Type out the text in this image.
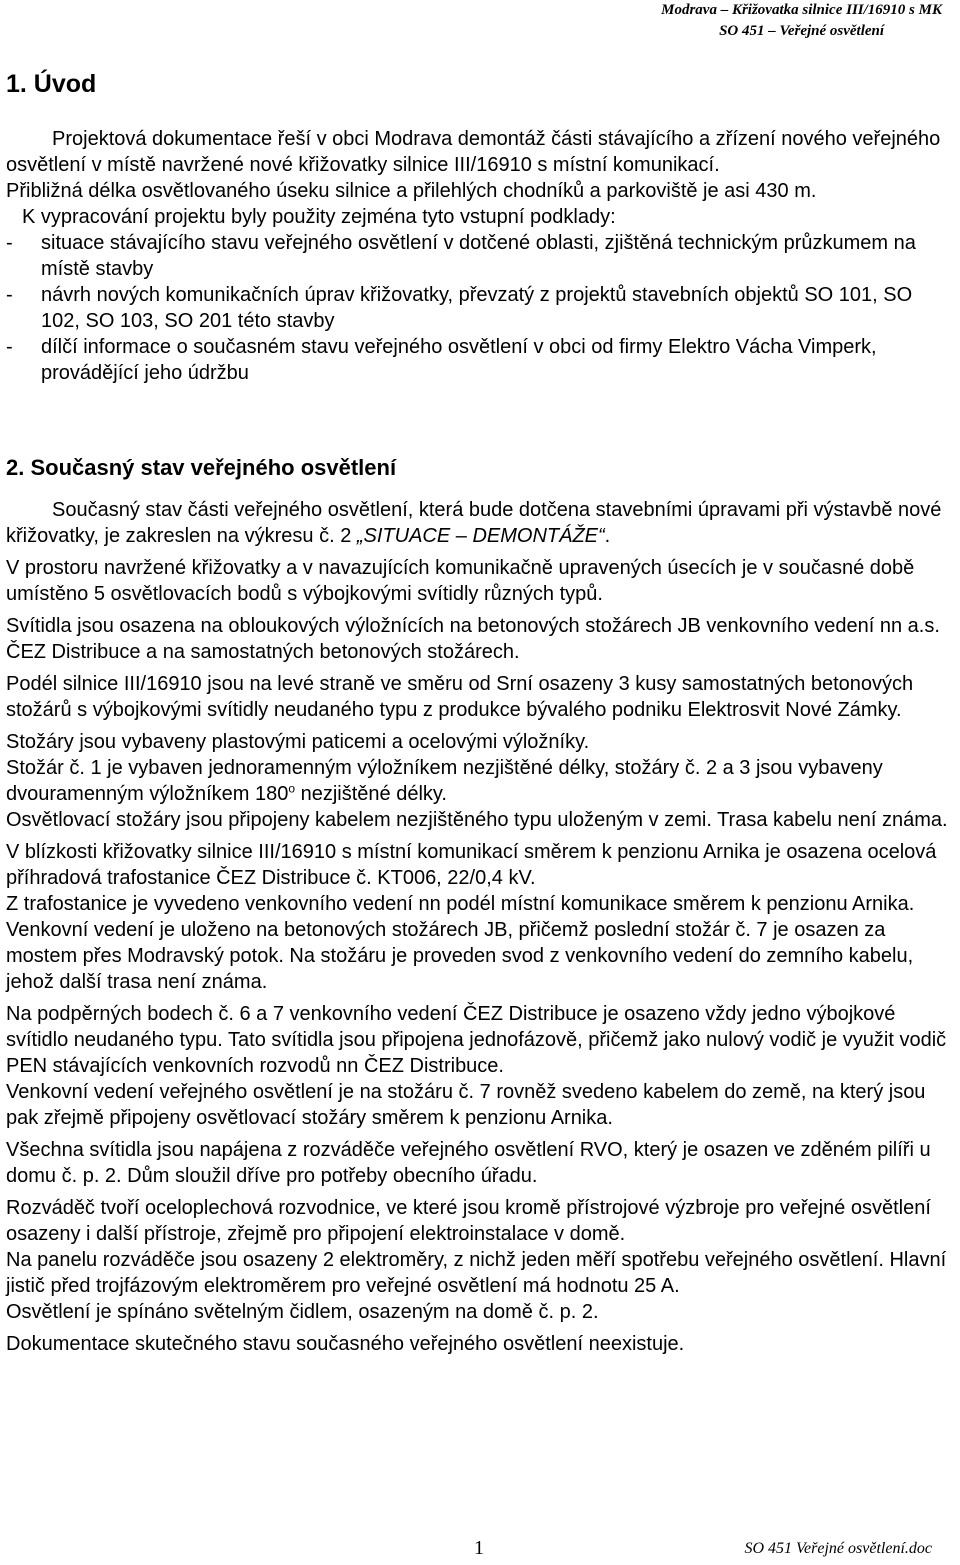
Modrava – Křižovatka silnice III/16910 s MK
SO 451 – Veřejné osvětlení
1. Úvod

Projektová dokumentace řeší v obci Modrava demontáž části stávajícího a zřízení nového veřejného osvětlení v místě navržené nové křižovatky silnice III/16910 s místní komunikací.

Přibližná délka osvětlovaného úseku silnice a přilehlých chodníků a parkoviště je asi 430 m.

K vypracování projektu byly použity zejména tyto vstupní podklady:

-	situace stávajícího stavu veřejného osvětlení v dotčené oblasti, zjištěná technickým průzkumem na místě stavby
-	návrh nových komunikačních úprav křižovatky, převzatý z projektů stavebních objektů SO 101, SO 102, SO 103, SO 201 této stavby
-	dílčí informace o současném stavu veřejného osvětlení v obci od firmy Elektro Vácha Vimperk, provádějící jeho údržbu
2. Současný stav veřejného osvětlení

Současný stav části veřejného osvětlení, která bude dotčena stavebními úpravami při výstavbě nové křižovatky, je zakreslen na výkresu č. 2 „SITUACE – DEMONTÁŽE“.

V prostoru navržené křižovatky a v navazujících komunikačně upravených úsecích je v současné době umístěno 5 osvětlovacích bodů s výbojkovými svítidly různých typů.

Svítidla jsou osazena na obloukových výložnících na betonových stožárech JB venkovního vedení nn a.s. ČEZ Distribuce a na samostatných betonových stožárech.

Podél silnice III/16910 jsou na levé straně ve směru od Srní osazeny 3 kusy samostatných betonových stožárů s výbojkovými svítidly neudaného typu z produkce bývalého podniku Elektrosvit Nové Zámky.

Stožáry jsou vybaveny plastovými paticemi a ocelovými výložníky.

Stožár č. 1 je vybaven jednoramenným výložníkem nezjištěné délky, stožáry č. 2 a 3 jsou vybaveny dvouramenným výložníkem 180$^o$ nezjištěné délky.

Osvětlovací stožáry jsou připojeny kabelem nezjištěného typu uloženým v zemi. Trasa kabelu není známa.

V blízkosti křižovatky silnice III/16910 s místní komunikací směrem k penzionu Arnika je osazena ocelová příhradová trafostanice ČEZ Distribuce č. KT006, 22/0,4 kV.

Z trafostanice je vyvedeno venkovního vedení nn podél místní komunikace směrem k penzionu Arnika.

Venkovní vedení je uloženo na betonových stožárech JB, přičemž poslední stožár č. 7 je osazen za mostem přes Modravský potok. Na stožáru je proveden svod z venkovního vedení do zemního kabelu, jehož další trasa není známa.

Na podpěrných bodech č. 6 a 7 venkovního vedení ČEZ Distribuce je osazeno vždy jedno výbojkové svítidlo neudaného typu. Tato svítidla jsou připojena jednofázově, přičemž jako nulový vodič je využit vodič PEN stávajících venkovních rozvodů nn ČEZ Distribuce.

Venkovní vedení veřejného osvětlení je na stožáru č. 7 rovněž svedeno kabelem do země, na který jsou pak zřejmě připojeny osvětlovací stožáry směrem k penzionu Arnika.

Všechna svítidla jsou napájena z rozváděče veřejného osvětlení RVO, který je osazen ve zděném pilíři u domu č. p. 2. Dům sloužil dříve pro potřeby obecního úřadu.

Rozváděč tvoří oceloplechová rozvodnice, ve které jsou kromě přístrojové výzbroje pro veřejné osvětlení osazeny i další přístroje, zřejmě pro připojení elektroinstalace v domě.

Na panelu rozváděče jsou osazeny 2 elektroměry, z nichž jeden měří spotřebu veřejného osvětlení. Hlavní jistič před trojfázovým elektroměrem pro veřejné osvětlení má hodnotu 25 A.

Osvětlení je spínáno světelným čidlem, osazeným na domě č. p. 2.

Dokumentace skutečného stavu současného veřejného osvětlení neexistuje.

1	SO 451 Veřejné osvětlení.doc
